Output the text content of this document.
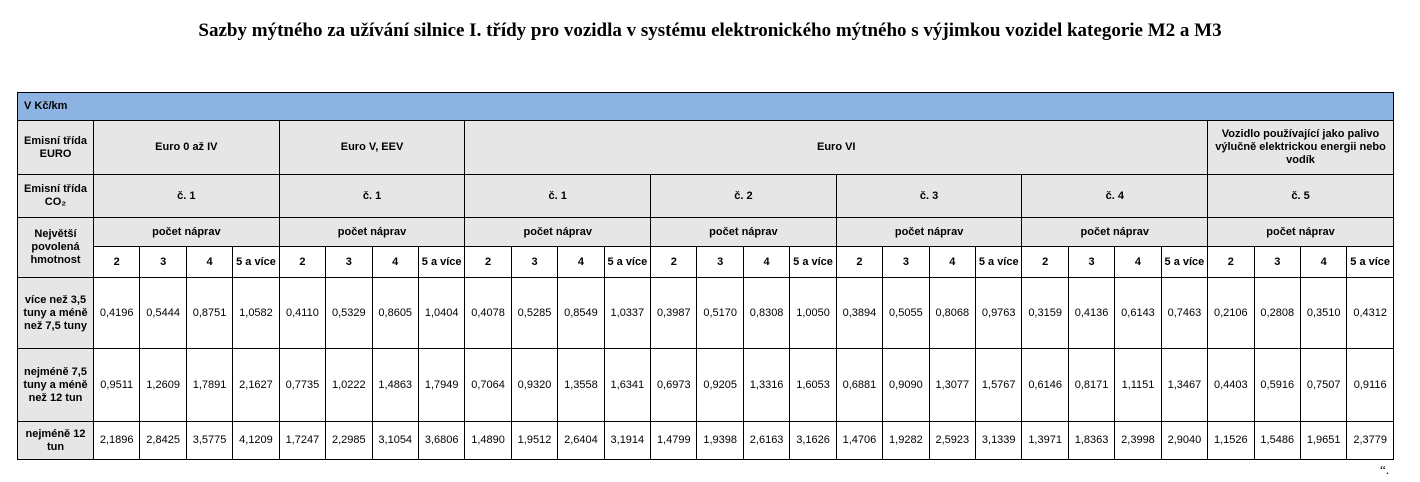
Sazby mýtného za užívání silnice I. třídy pro vozidla v systému elektronického mýtného s výjimkou vozidel kategorie M2 a M3
V Kč/km																												
Emisní třída EURO	Euro 0 až IV				Euro V, EEV				Euro VI																Vozidlo používající jako palivo výlučně elektrickou energii nebo vodík			
Emisní třída CO₂	č. 1				č. 1				č. 1				č. 2				č. 3				č. 4				č. 5			
Největší povolená hmotnost	počet náprav				počet náprav				počet náprav				počet náprav				počet náprav				počet náprav				počet náprav			
	2	3	4	5 a více	2	3	4	5 a více	2	3	4	5 a více	2	3	4	5 a více	2	3	4	5 a více	2	3	4	5 a více	2	3	4	5 a více
více než 3,5 tuny a méně než 7,5 tuny	0,4196	0,5444	0,8751	1,0582	0,4110	0,5329	0,8605	1,0404	0,4078	0,5285	0,8549	1,0337	0,3987	0,5170	0,8308	1,0050	0,3894	0,5055	0,8068	0,9763	0,3159	0,4136	0,6143	0,7463	0,2106	0,2808	0,3510	0,4312
nejméně 7,5 tuny a méně než 12 tun	0,9511	1,2609	1,7891	2,1627	0,7735	1,0222	1,4863	1,7949	0,7064	0,9320	1,3558	1,6341	0,6973	0,9205	1,3316	1,6053	0,6881	0,9090	1,3077	1,5767	0,6146	0,8171	1,1151	1,3467	0,4403	0,5916	0,7507	0,9116
nejméně 12 tun	2,1896	2,8425	3,5775	4,1209	1,7247	2,2985	3,1054	3,6806	1,4890	1,9512	2,6404	3,1914	1,4799	1,9398	2,6163	3,1626	1,4706	1,9282	2,5923	3,1339	1,3971	1,8363	2,3998	2,9040	1,1526	1,5486	1,9651	2,3779
“.
